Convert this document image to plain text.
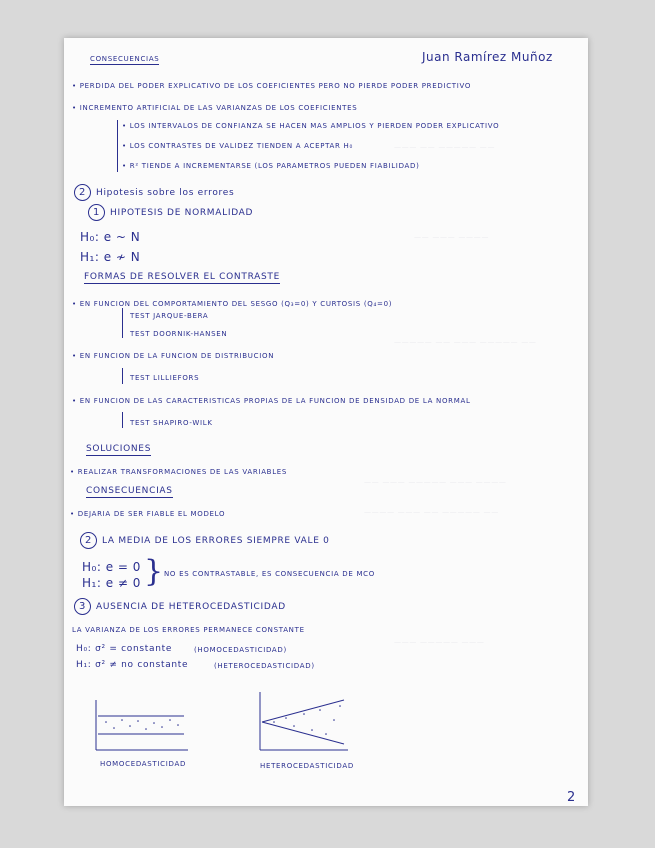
——— —— ————— ——
—— ——— ————
————— —— ——— ————— ——
—— ——— ————— ——— ————
———— ——— —— ————— ——
——— ————— ———
CONSECUENCIAS	Juan Ramírez Muñoz
• PERDIDA DEL PODER EXPLICATIVO DE LOS COEFICIENTES PERO NO PIERDE PODER PREDICTIVO
• INCREMENTO ARTIFICIAL DE LAS VARIANZAS DE LOS COEFICIENTES
• LOS INTERVALOS DE CONFIANZA SE HACEN MAS AMPLIOS Y PIERDEN PODER EXPLICATIVO
• LOS CONTRASTES DE VALIDEZ TIENDEN A ACEPTAR H₀
• R² TIENDE A INCREMENTARSE (LOS PARAMETROS PUEDEN FIABILIDAD)
2 Hipotesis sobre los errores
1 HIPOTESIS DE NORMALIDAD
H₀: e ~ N
H₁: e ≁ N
FORMAS DE RESOLVER EL CONTRASTE
• EN FUNCION DEL COMPORTAMIENTO DEL SESGO (Q₃=0) Y CURTOSIS (Q₄=0)
TEST JARQUE-BERA
TEST DOORNIK-HANSEN
• EN FUNCION DE LA FUNCION DE DISTRIBUCION
TEST LILLIEFORS
• EN FUNCION DE LAS CARACTERISTICAS PROPIAS DE LA FUNCION DE DENSIDAD DE LA NORMAL
TEST SHAPIRO-WILK
SOLUCIONES
• REALIZAR TRANSFORMACIONES DE LAS VARIABLES
CONSECUENCIAS
• DEJARIA DE SER FIABLE EL MODELO
2 LA MEDIA DE LOS ERRORES SIEMPRE VALE 0
H₀: e = 0
H₁: e ≠ 0 } NO ES CONTRASTABLE, ES CONSECUENCIA DE MCO
3 AUSENCIA DE HETEROCEDASTICIDAD
LA VARIANZA DE LOS ERRORES PERMANECE CONSTANTE
H₀: σ² = constante	(HOMOCEDASTICIDAD)
H₁: σ² ≠ no constante	(HETEROCEDASTICIDAD)
HOMOCEDASTICIDAD	HETEROCEDASTICIDAD
2
